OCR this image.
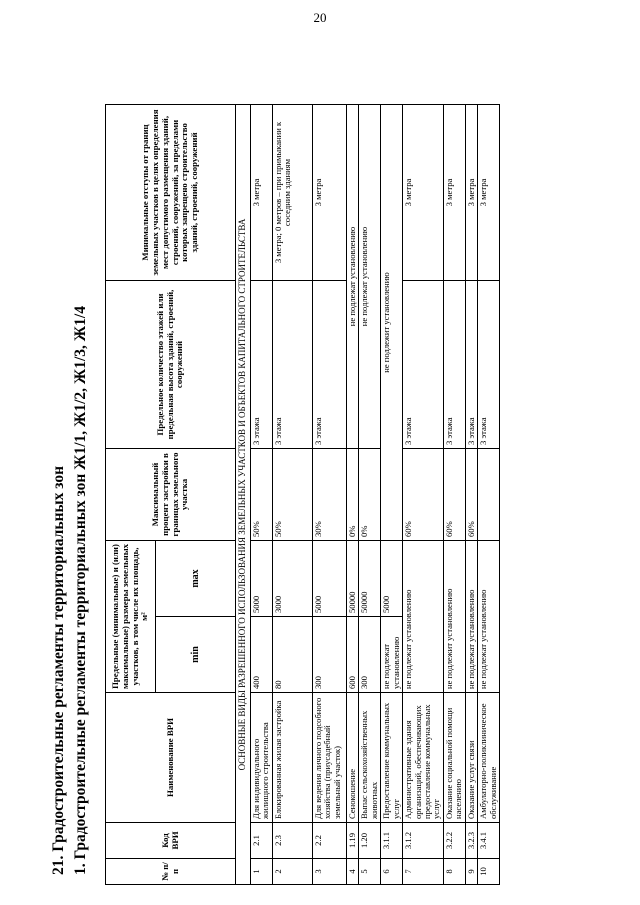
20
21. Градостроительные регламенты территориальных зон 1. Градостроительные регламенты территориальных зон Ж1/1, Ж1/2, Ж1/3, Ж1/4	№ п/п	Код ВРИ	Наименование ВРИ	Предельные (минимальные) и (или) максимальные) размеры земельных участков, в том числе их площадь, м²		Максимальный процент застройки в границах земельного участка	Предельное количество этажей или предельная высота зданий, строений, сооружений	Минимальные отступы от границ земельных участков в целях определения мест допустимого размещения зданий, строений, сооружений, за пределами которых запрещено строительство зданий, строений, сооружений
			min	max			
ОСНОВНЫЕ ВИДЫ РАЗРЕШЕННОГО ИСПОЛЬЗОВАНИЯ ЗЕМЕЛЬНЫХ УЧАСТКОВ И ОБЪЕКТОВ КАПИТАЛЬНОГО СТРОИТЕЛЬСТВА							
1	2.1	Для индивидуального жилищного строительства	400	5000	50%	3 этажа	3 метра
2	2.3	Блокированная жилая застройка	80	3000	50%	3 этажа	3 метра; 0 метров – при примыкании к соседним зданиям
3	2.2	Для ведения личного подсобного хозяйства (приусадебный земельный участок)	300	5000	30%	3 этажа	3 метра
4	1.19	Сенокошение	600	50000	0%	не подлежат установлению	
5	1.20	Выпас сельскохозяйственных животных	300	50000	0%	не подлежат установлению	
6	3.1.1	Предоставление коммунальных услуг	не подлежат установлению	5000	не подлежит установлению		
7	3.1.2	Административные здания организаций, обеспечивающих предоставление коммунальных услуг	не подлежат установлению		60%	3 этажа	3 метра
8	3.2.2	Оказание социальной помощи населению	не подлежит установлению		60%	3 этажа	3 метра
9	3.2.3	Оказание услуг связи	не подлежат установлению		60%	3 этажа	3 метра
10	3.4.1	Амбулаторно-поликлиническое обслуживание	не подлежат установлению			3 этажа	3 метра
